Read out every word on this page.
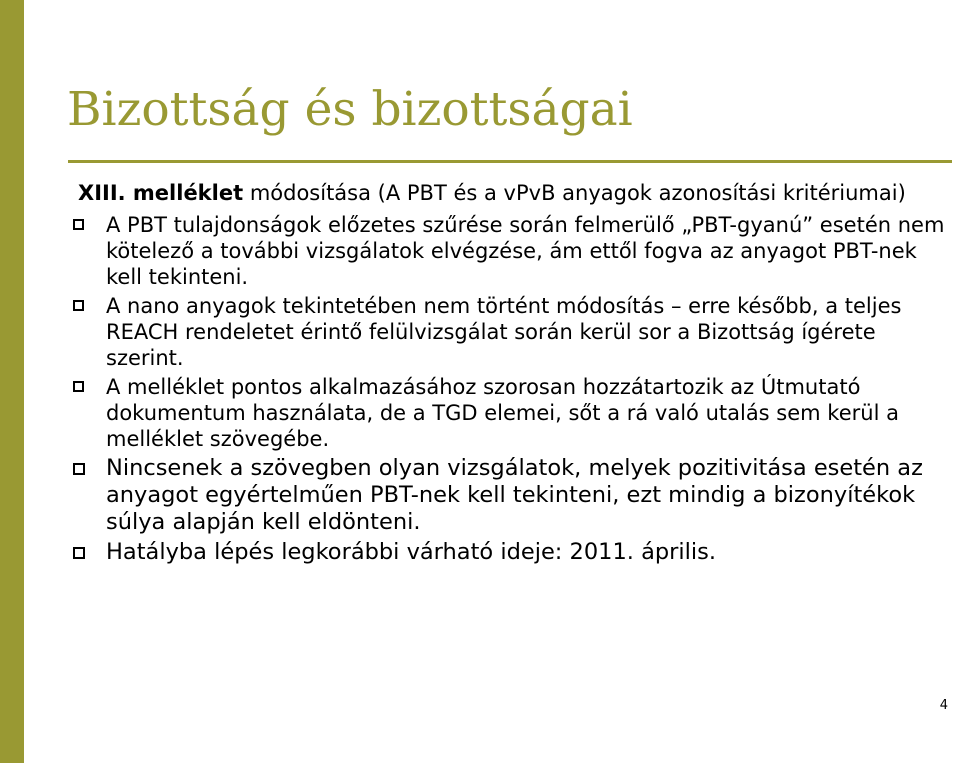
Bizottság és bizottságai

XIII. melléklet módosítása (A PBT és a vPvB anyagok azonosítási kritériumai)

A PBT tulajdonságok előzetes szűrése során felmerülő „PBT-gyanú” esetén nem kötelező a további vizsgálatok elvégzése, ám ettől fogva az anyagot PBT-nek kell tekinteni.
A nano anyagok tekintetében nem történt módosítás – erre később, a teljes REACH rendeletet érintő felülvizsgálat során kerül sor a Bizottság ígérete szerint.
A melléklet pontos alkalmazásához szorosan hozzátartozik az Útmutató dokumentum használata, de a TGD elemei, sőt a rá való utalás sem kerül a melléklet szövegébe.
Nincsenek a szövegben olyan vizsgálatok, melyek pozitivitása esetén az anyagot egyértelműen PBT-nek kell tekinteni, ezt mindig a bizonyítékok súlya alapján kell eldönteni.
Hatályba lépés legkorábbi várható ideje: 2011. április.
4
